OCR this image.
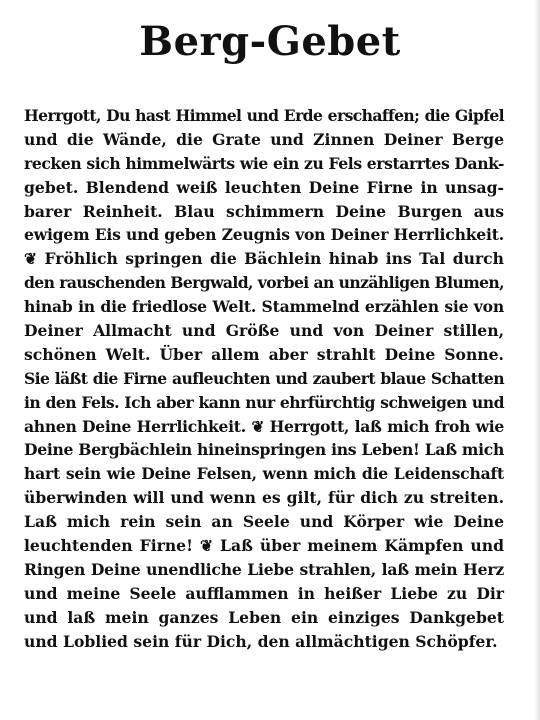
Berg-Gebet
Herrgott, Du hast Himmel und Erde erschaffen; die Gipfel
und die Wände, die Grate und Zinnen Deiner Berge
recken sich himmelwärts wie ein zu Fels erstarrtes Dank-
gebet. Blendend weiß leuchten Deine Firne in unsag-
barer Reinheit. Blau schimmern Deine Burgen aus
ewigem Eis und geben Zeugnis von Deiner Herrlichkeit.
❦ Fröhlich springen die Bächlein hinab ins Tal durch
den rauschenden Bergwald, vorbei an unzähligen Blumen,
hinab in die friedlose Welt. Stammelnd erzählen sie von
Deiner Allmacht und Größe und von Deiner stillen,
schönen Welt. Über allem aber strahlt Deine Sonne.
Sie läßt die Firne aufleuchten und zaubert blaue Schatten
in den Fels. Ich aber kann nur ehrfürchtig schweigen und
ahnen Deine Herrlichkeit. ❦ Herrgott, laß mich froh wie
Deine Bergbächlein hineinspringen ins Leben! Laß mich
hart sein wie Deine Felsen, wenn mich die Leidenschaft
überwinden will und wenn es gilt, für dich zu streiten.
Laß mich rein sein an Seele und Körper wie Deine
leuchtenden Firne! ❦ Laß über meinem Kämpfen und
Ringen Deine unendliche Liebe strahlen, laß mein Herz
und meine Seele aufflammen in heißer Liebe zu Dir
und laß mein ganzes Leben ein einziges Dankgebet
und Loblied sein für Dich, den allmächtigen Schöpfer.
